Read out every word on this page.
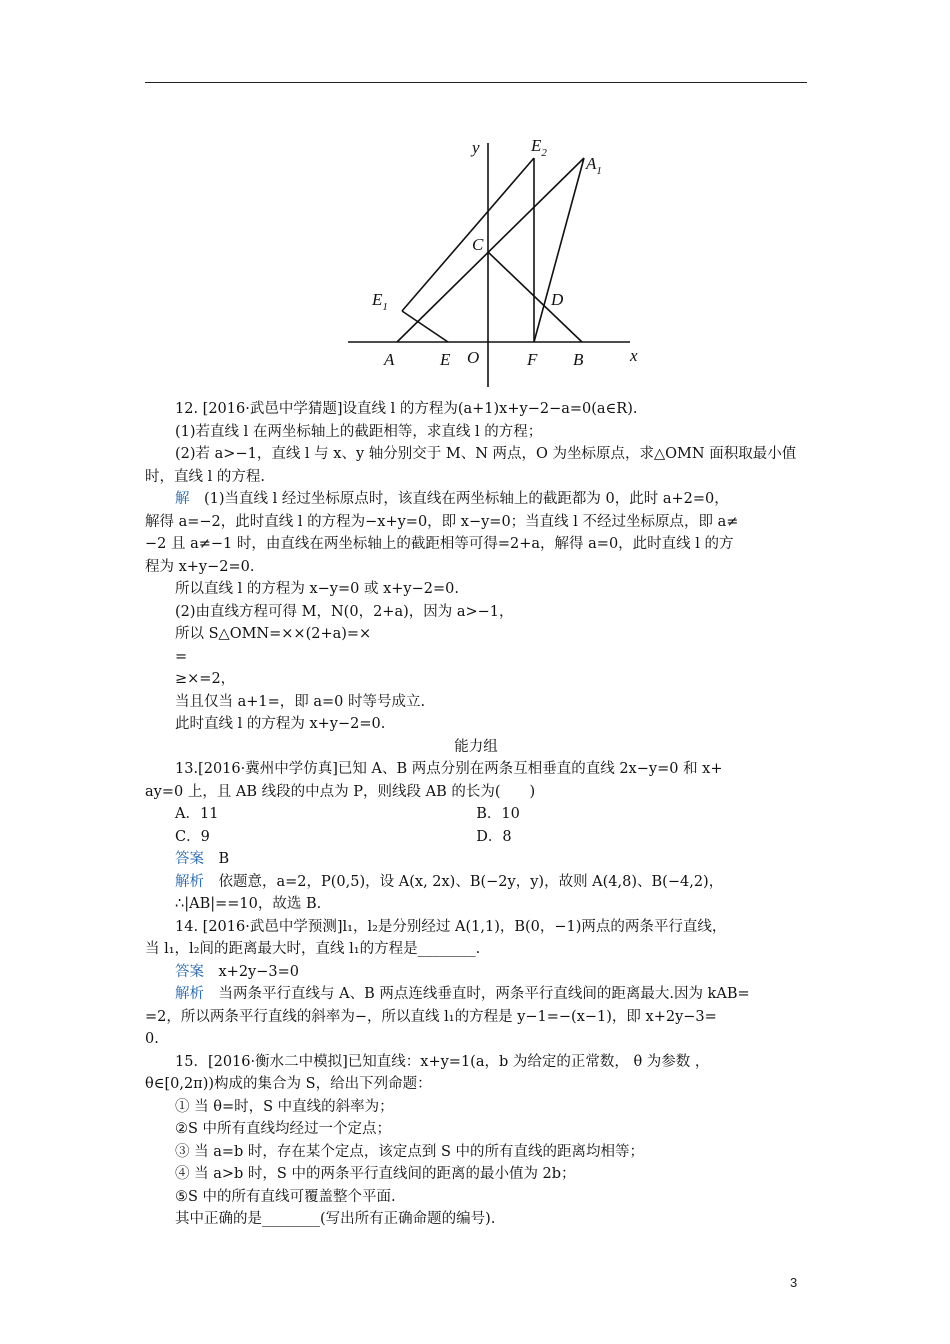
y
x
O
A	E	F B
C
D
$E_1$
$E_2$
$A_1$
12. [2016·武邑中学猜题]设直线 l 的方程为(a+1)x+y−2−a=0(a∈R).
(1)若直线 l 在两坐标轴上的截距相等，求直线 l 的方程；
(2)若 a>−1，直线 l 与 x、y 轴分别交于 M、N 两点，O 为坐标原点，求△OMN 面积取最小值
时，直线 l 的方程.
解　(1)当直线 l 经过坐标原点时，该直线在两坐标轴上的截距都为 0，此时 a+2=0，
解得 a=−2，此时直线 l 的方程为−x+y=0，即 x−y=0；当直线 l 不经过坐标原点，即 a≠
−2 且 a≠−1 时，由直线在两坐标轴上的截距相等可得=2+a，解得 a=0，此时直线 l 的方
程为 x+y−2=0.
所以直线 l 的方程为 x−y=0 或 x+y−2=0.
(2)由直线方程可得 M，N(0，2+a)，因为 a>−1，
所以 S△OMN=××(2+a)=×
=
≥×=2，
当且仅当 a+1=，即 a=0 时等号成立.
此时直线 l 的方程为 x+y−2=0.
能力组
13.[2016·冀州中学仿真]已知 A、B 两点分别在两条互相垂直的直线 2x−y=0 和 x+
ay=0 上，且 AB 线段的中点为 P，则线段 AB 的长为(　　)
A．11	B．10
C．9	D．8
答案　B
解析　依题意，a=2，P(0,5)，设 A(x, 2x)、B(−2y，y)，故则 A(4,8)、B(−4,2)，
∴|AB|==10，故选 B.
14. [2016·武邑中学预测]l₁，l₂是分别经过 A(1,1)，B(0，−1)两点的两条平行直线，
当 l₁，l₂间的距离最大时，直线 l₁的方程是________.
答案　x+2y−3=0
解析　当两条平行直线与 A、B 两点连线垂直时，两条平行直线间的距离最大.因为 kAB=
=2，所以两条平行直线的斜率为−，所以直线 l₁的方程是 y−1=−(x−1)，即 x+2y−3=
0.
15．[2016·衡水二中模拟]已知直线：x+y=1(a，b 为给定的正常数， θ 为参数 ，
θ∈[0,2π))构成的集合为 S，给出下列命题：
① 当 θ=时，S 中直线的斜率为；
②S 中所有直线均经过一个定点；
③ 当 a=b 时，存在某个定点，该定点到 S 中的所有直线的距离均相等；
④ 当 a>b 时，S 中的两条平行直线间的距离的最小值为 2b；
⑤S 中的所有直线可覆盖整个平面.
其中正确的是________(写出所有正确命题的编号).
3
